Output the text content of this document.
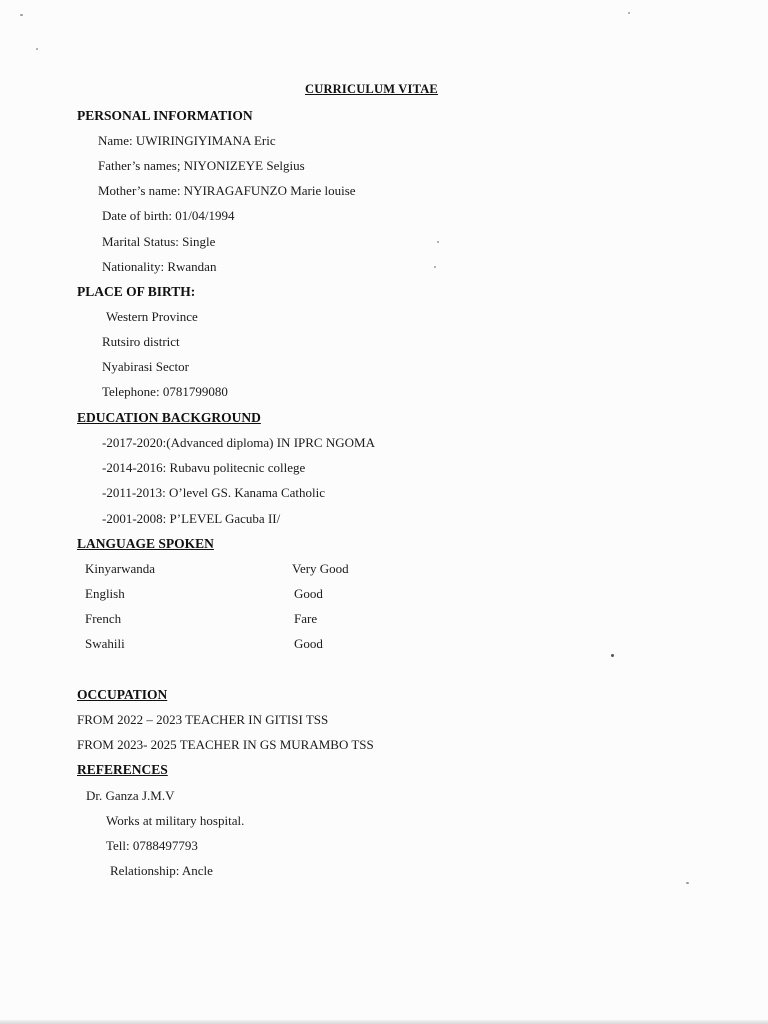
CURRICULUM VITAE
PERSONAL INFORMATION
Name: UWIRINGIYIMANA Eric
Father’s names; NIYONIZEYE Selgius
Mother’s name: NYIRAGAFUNZO Marie louise
Date of birth: 01/04/1994
Marital Status: Single
Nationality: Rwandan
PLACE OF BIRTH:
Western Province
Rutsiro district
Nyabirasi Sector
Telephone: 0781799080
EDUCATION BACKGROUND
-2017-2020:(Advanced diploma) IN IPRC NGOMA
-2014-2016: Rubavu politecnic college
-2011-2013: O’level GS. Kanama Catholic
-2001-2008: P’LEVEL Gacuba II/
LANGUAGE SPOKEN
Kinyarwanda	Very Good
English	Good
French	Fare
Swahili	Good
OCCUPATION
FROM 2022 – 2023 TEACHER IN GITISI TSS
FROM 2023- 2025 TEACHER IN GS MURAMBO TSS
REFERENCES
Dr. Ganza J.M.V
Works at military hospital.
Tell: 0788497793
Relationship: Ancle
